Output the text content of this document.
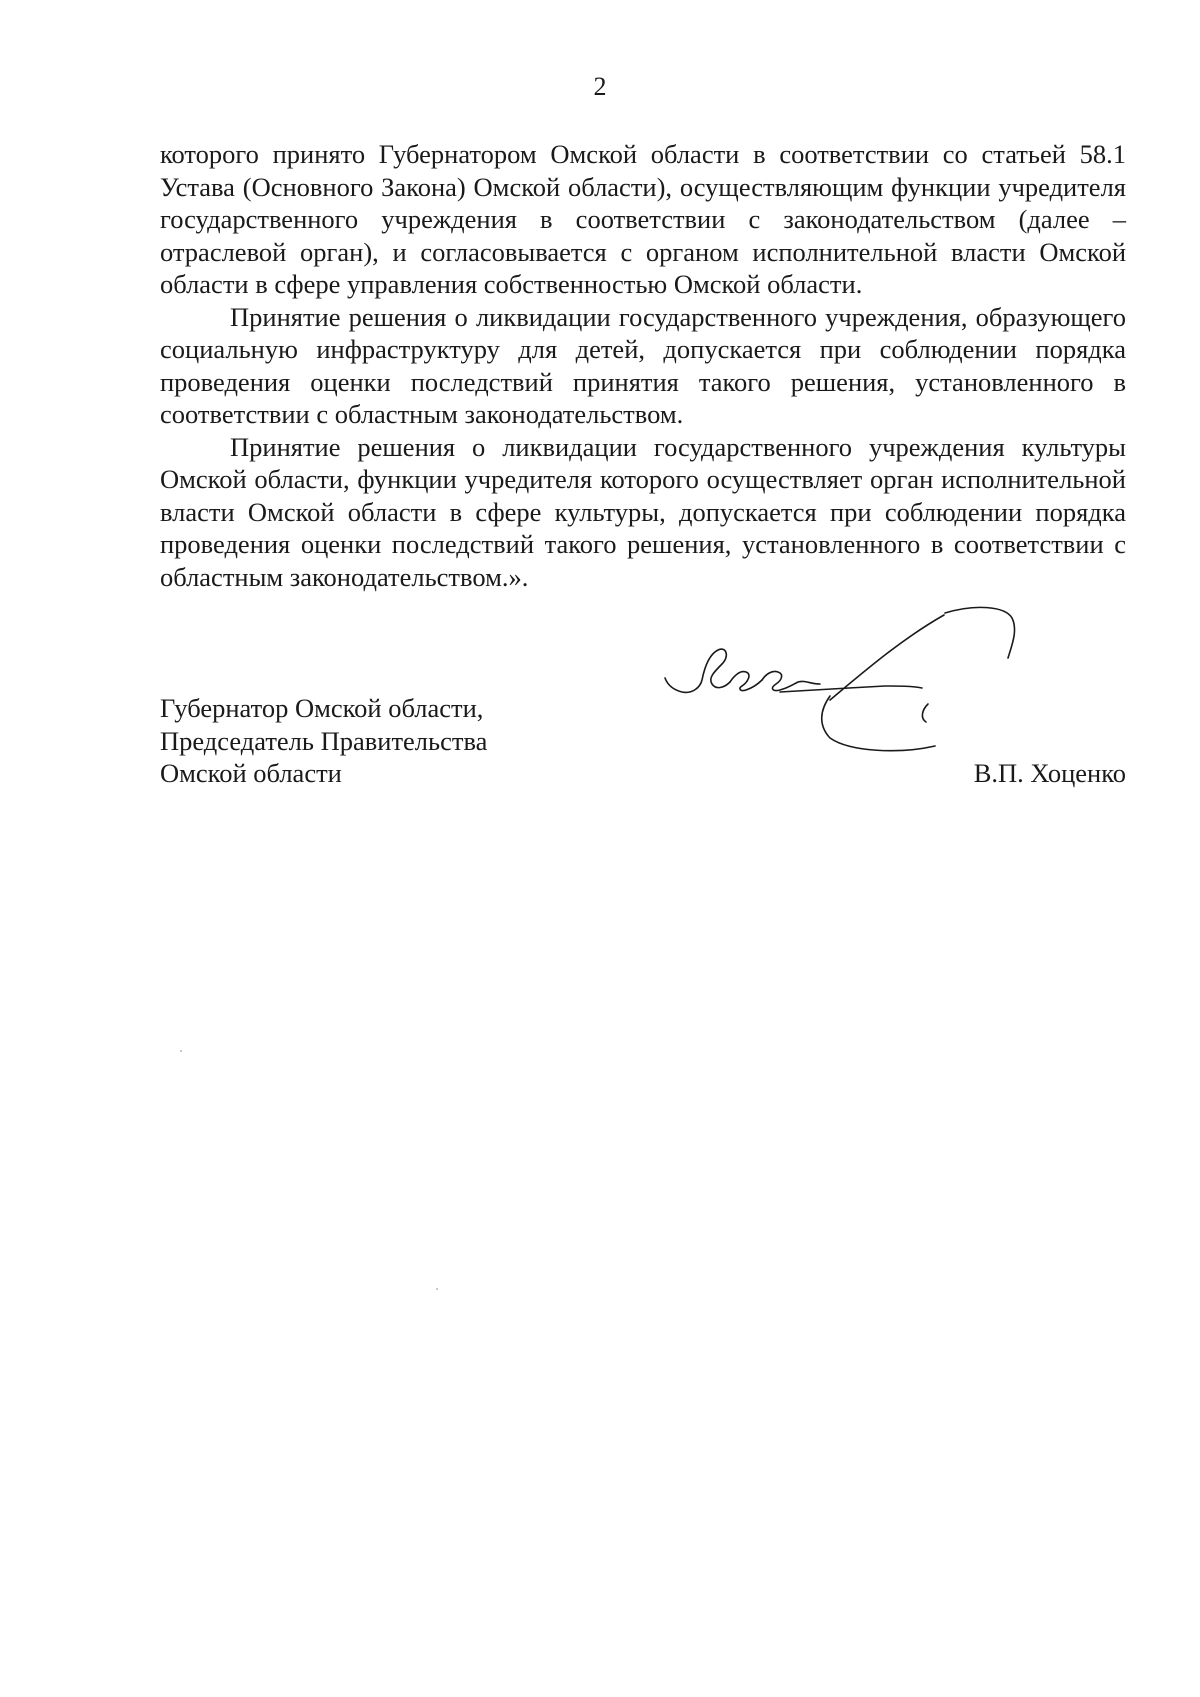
2

которого принято Губернатором Омской области в соответствии со статьей 58.1 Устава (Основного Закона) Омской области), осуществляющим функции учредителя государственного учреждения в соответствии с законодательством (далее – отраслевой орган), и согласовывается с органом исполнительной власти Омской области в сфере управления собственностью Омской области.

Принятие решения о ликвидации государственного учреждения, образующего социальную инфраструктуру для детей, допускается при соблюдении порядка проведения оценки последствий принятия такого решения, установленного в соответствии с областным законодательством.

Принятие решения о ликвидации государственного учреждения культуры Омской области, функции учредителя которого осуществляет орган исполнительной власти Омской области в сфере культуры, допускается при соблюдении порядка проведения оценки последствий такого решения, установленного в соответствии с областным законодательством.».

Губернатор Омской области,
Председатель Правительства
Омской области	В.П. Хоценко
